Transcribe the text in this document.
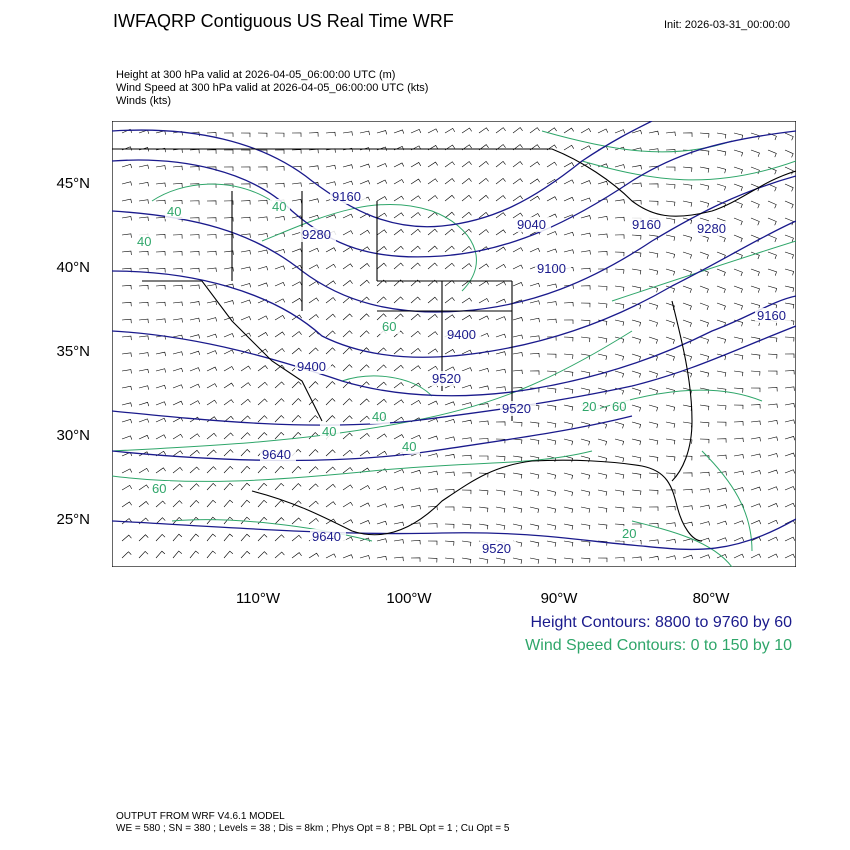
IWFAQRP Contiguous US Real Time WRF	Init: 2026-03-31_00:00:00
Height at 300 hPa valid at 2026-04-05_06:00:00 UTC (m)
Wind Speed at 300 hPa valid at 2026-04-05_06:00:00 UTC (kts)
Winds (kts)
45°N
40°N
35°N
30°N
25°N
110°W	100°W	90°W	80°W
9160
9280
9040
9100
9160	9280
9400
9400
9520
9520
9640
9640
9520
9160
40
40
40
60
60
40
40
40
60
20
20
Height Contours: 8800 to 9760 by 60
Wind Speed Contours: 0 to 150 by 10
OUTPUT FROM WRF V4.6.1 MODEL
WE = 580 ; SN = 380 ; Levels = 38 ; Dis = 8km ; Phys Opt = 8 ; PBL Opt = 1 ; Cu Opt = 5
